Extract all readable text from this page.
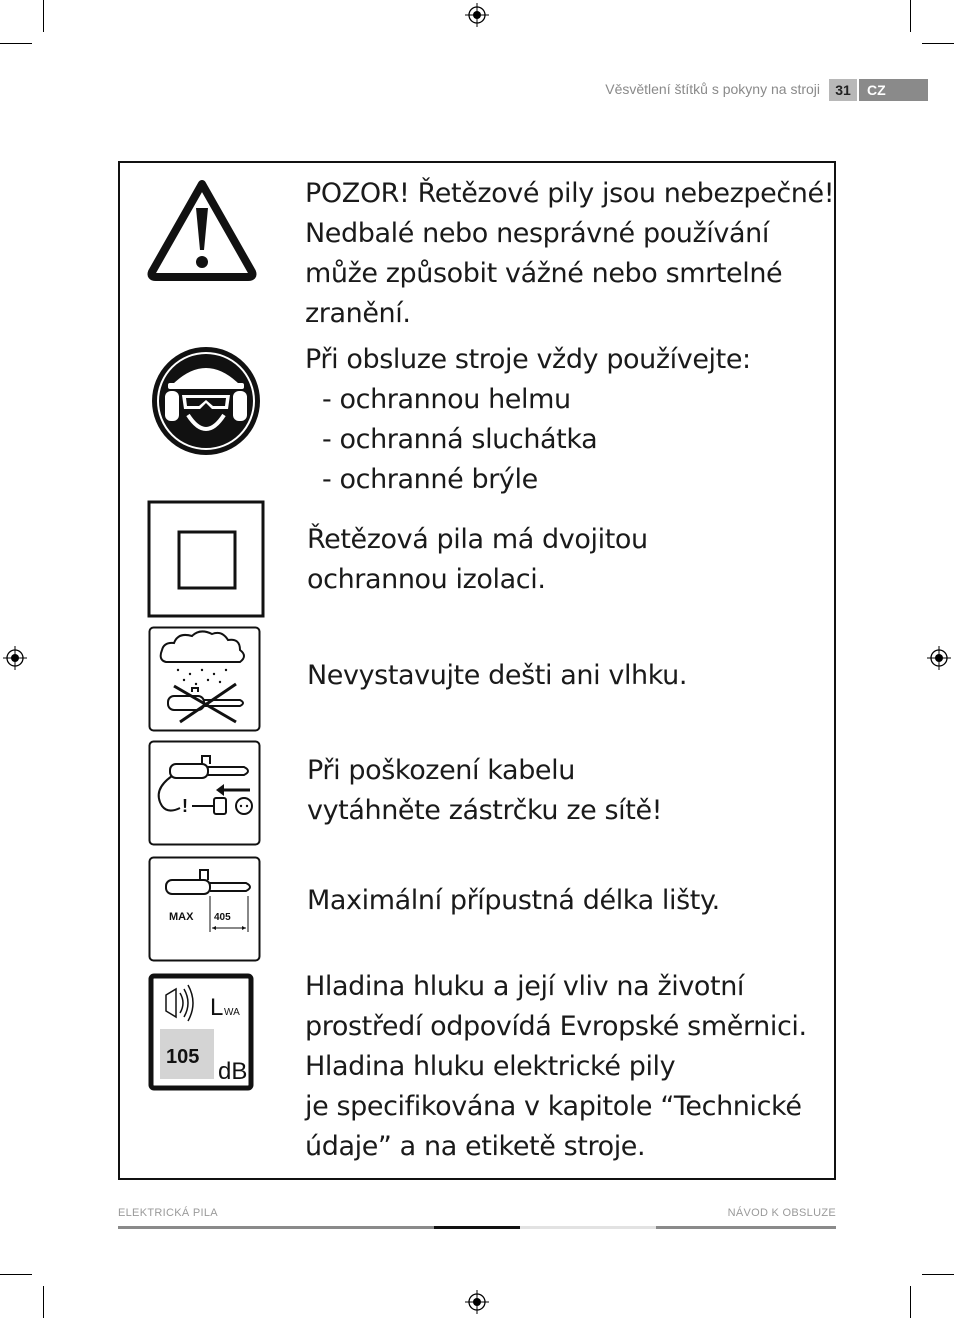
Věsvětlení štítků s pokyny na stroji	31	CZ
POZOR! Řetězové pily jsou nebezpečné!
Nedbalé nebo nesprávné používání
může způsobit vážné nebo smrtelné
zranění.
Při obsluze stroje vždy používejte:
- ochrannou helmu
- ochranná sluchátka
- ochranné brýle
Řetězová pila má dvojitou
ochrannou izolaci.
Nevystavujte dešti ani vlhku.
!
Při poškození kabelu
vytáhněte zástrčku ze sítě!
MAX 405
Maximální přípustná délka lišty.
L WA
105
dB
Hladina hluku a její vliv na životní
prostředí odpovídá Evropské směrnici.
Hladina hluku elektrické pily
je specifikována v kapitole “Technické
údaje” a na etiketě stroje.
ELEKTRICKÁ PILA	NÁVOD K OBSLUZE
